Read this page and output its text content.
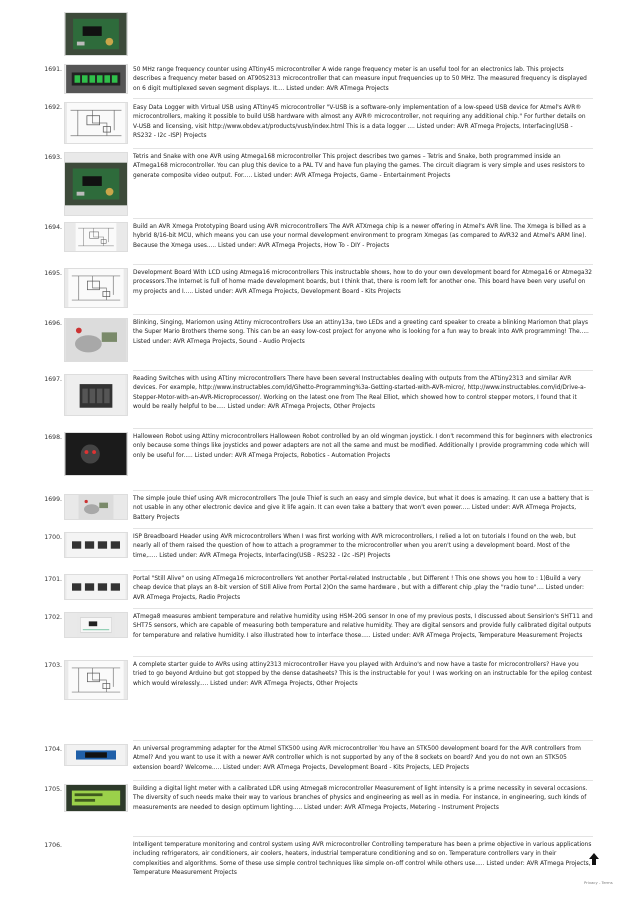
1691.	50 MHz range frequency counter using ATtiny45 microcontroller A wide range frequency meter is an useful tool for an electronics lab. This projects describes a frequency meter based on AT90S2313 microcontroller that can measure input frequencies up to 50 MHz. The measured frequency is displayed on 6 digit multiplexed seven segment displays. It.... Listed under: AVR ATmega Projects

1692.	Easy Data Logger with Virtual USB using ATtiny45 microcontroller "V-USB is a software-only implementation of a low-speed USB device for Atmel's AVR® microcontrollers, making it possible to build USB hardware with almost any AVR® microcontroller, not requiring any additional chip." For further details on V-USB and licensing, visit http://www.obdev.at/products/vusb/index.html This is a data logger .... Listed under: AVR ATmega Projects, Interfacing(USB - RS232 - I2c -ISP) Projects

1693.	Tetris and Snake with one AVR using Atmega168 microcontroller This project describes two games – Tetris and Snake, both programmed inside an ATmega168 microcontroller. You can plug this device to a PAL TV and have fun playing the games. The circuit diagram is very simple and uses resistors to generate composite video output. For..... Listed under: AVR ATmega Projects, Game - Entertainment Projects

1694.	Build an AVR Xmega Prototyping Board using AVR microcontrollers The AVR ATXmega chip is a newer offering in Atmel's AVR line. The Xmega is billed as a hybrid 8/16-bit MCU, which means you can use your normal development environment to program Xmegas (as compared to AVR32 and Atmel's ARM line). Because the Xmega uses..... Listed under: AVR ATmega Projects, How To - DIY - Projects

1695.	Development Board With LCD using Atmega16 microcontrollers This instructable shows, how to do your own development board for Atmega16 or Atmega32 processors.The Internet is full of home made development boards, but I think that, there is room left for another one. This board have been very useful on my projects and I..... Listed under: AVR ATmega Projects, Development Board - Kits Projects

1696.	Blinking, Singing, Mariomon using Attiny microcontrollers Use an attiny13a, two LEDs and a greeting card speaker to create a blinking Mariomon that plays the Super Mario Brothers theme song. This can be an easy low-cost project for anyone who is looking for a fun way to break into AVR programming! The..... Listed under: AVR ATmega Projects, Sound - Audio Projects

1697.	Reading Switches with using ATtiny microcontrollers There have been several Instructables dealing with outputs from the ATtiny2313 and similar AVR devices. For example, http://www.instructables.com/id/Ghetto-Programming%3a-Getting-started-with-AVR-micro/, http://www.instructables.com/id/Drive-a-Stepper-Motor-with-an-AVR-Microprocessor/. Working on the latest one from The Real Elliot, which showed how to control stepper motors, I found that it would be really helpful to be..... Listed under: AVR ATmega Projects, Other Projects

1698.	Halloween Robot using Attiny microcontrollers Halloween Robot controlled by an old wingman joystick. I don't recommend this for beginners with electronics only because some things like joysticks and power adapters are not all the same and must be modified. Additionally I provide programming code which will only be useful for..... Listed under: AVR ATmega Projects, Robotics - Automation Projects

1699.	The simple joule thief using AVR microcontrollers The Joule Thief is such an easy and simple device, but what it does is amazing. It can use a battery that is not usable in any other electronic device and give it life again. It can even take a battery that won't even power..... Listed under: AVR ATmega Projects, Battery Projects

1700.	ISP Breadboard Header using AVR microcontrollers When I was first working with AVR microcontrollers, I relied a lot on tutorials I found on the web, but nearly all of them raised the question of how to attach a programmer to the microcontroller when you aren't using a development board. Most of the time,..... Listed under: AVR ATmega Projects, Interfacing(USB - RS232 - I2c -ISP) Projects

1701.	Portal "Still Alive" on using ATmega16 microcontrollers Yet another Portal-related Instructable , but Different ! This one shows you how to : 1)Build a very cheap device that plays an 8-bit version of Still Alive from Portal 2)On the same hardware , but with a different chip ,play the "radio tune".... Listed under: AVR ATmega Projects, Radio Projects

1702.	ATmega8 measures ambient temperature and relative humidity using HSM-20G sensor In one of my previous posts, I discussed about Sensirion's SHT11 and SHT75 sensors, which are capable of measuring both temperature and relative humidity. They are digital sensors and provide fully calibrated digital outputs for temperature and relative humidity. I also illustrated how to interface those..... Listed under: AVR ATmega Projects, Temperature Measurement Projects

1703.	A complete starter guide to AVRs using attiny2313 microcontroller Have you played with Arduino's and now have a taste for microcontrollers? Have you tried to go beyond Arduino but got stopped by the dense datasheets? This is the instructable for you! I was working on an instructable for the epilog contest which would wirelessly..... Listed under: AVR ATmega Projects, Other Projects

1704.	An universal programming adapter for the Atmel STK500 using AVR microcontroller You have an STK500 development board for the AVR controllers from Atmel? And you want to use it with a newer AVR controller which is not supported by any of the 8 sockets on board? And you do not own an STK505 extension board? Welcome..... Listed under: AVR ATmega Projects, Development Board - Kits Projects, LED Projects

1705.	Building a digital light meter with a calibrated LDR using Atmega8 microcontroller Measurement of light intensity is a prime necessity in several occasions. The diversity of such needs make their way to various branches of physics and engineering as well as in media. For instance, in engineering, such kinds of measurements are needed to design optimum lighting..... Listed under: AVR ATmega Projects, Metering - Instrument Projects

1706.	Intelligent temperature monitoring and control system using AVR microcontroller Controlling temperature has been a prime objective in various applications including refrigerators, air conditioners, air coolers, heaters, industrial temperature conditioning and so on. Temperature controllers vary in their complexities and algorithms. Some of these use simple control techniques like simple on-off control while others use..... Listed under: AVR ATmega Projects, Temperature Measurement Projects

Privacy - Terms
